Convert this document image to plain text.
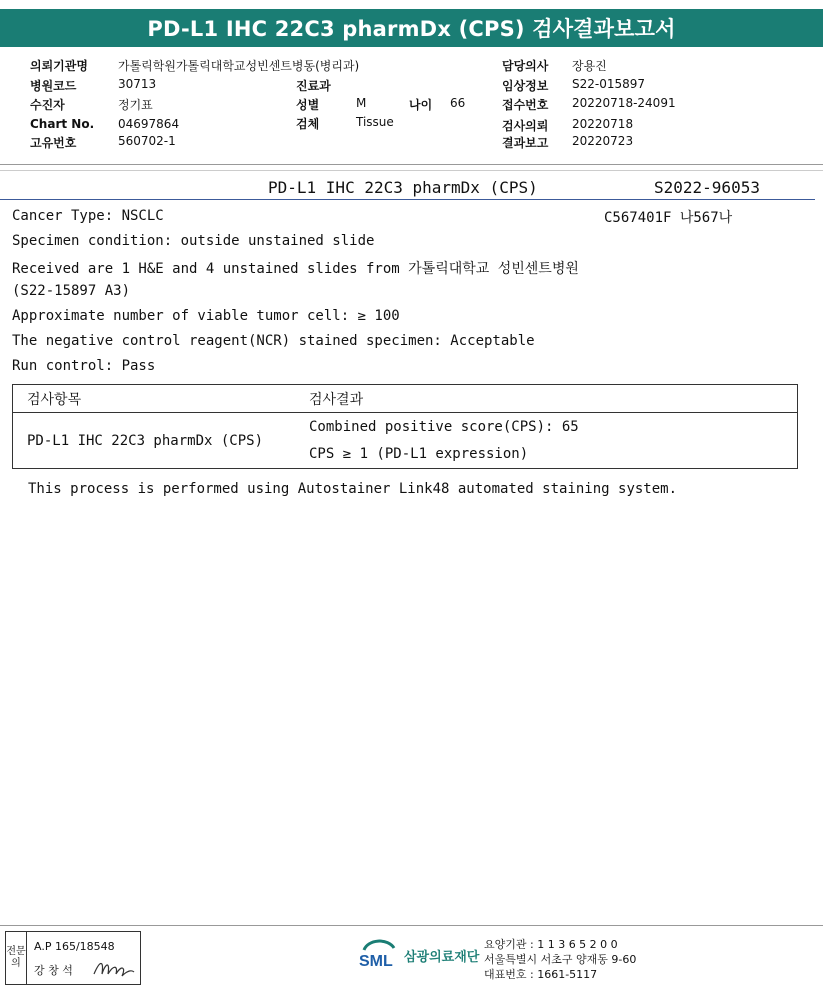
PD-L1 IHC 22C3 pharmDx (CPS) 검사결과보고서
의뢰기관명	가톨릭학원가톨릭대학교성빈센트병동(병리과)
병원코드	30713
수진자	정기표
Chart No. 04697864
고유번호	560702-1
진료과
성별	M	나이 66
검체	Tissue
담당의사 장용진
임상정보 S22-015897
접수번호 20220718-24091
검사의뢰 20220718
결과보고 20220723
PD-L1 IHC 22C3 pharmDx (CPS)	S2022-96053
C567401F 나567나
Cancer Type: NSCLC
Specimen condition: outside unstained slide
Received are 1 H&E and 4 unstained slides from 가톨릭대학교 성빈센트병원
(S22-15897 A3)
Approximate number of viable tumor cell: ≥ 100
The negative control reagent(NCR) stained specimen: Acceptable
Run control: Pass
검사항목	검사결과
PD-L1 IHC 22C3 pharmDx (CPS)	Combined positive score(CPS): 65
	CPS ≥ 1 (PD-L1 expression)
This process is performed using Autostainer Link48 automated staining system.
전문의
A.P 165/18548
강 창 석
SML 삼광의료재단
요양기관 : 1 1 3 6 5 2 0 0
서울특별시 서초구 양재동 9-60
대표번호 : 1661-5117
